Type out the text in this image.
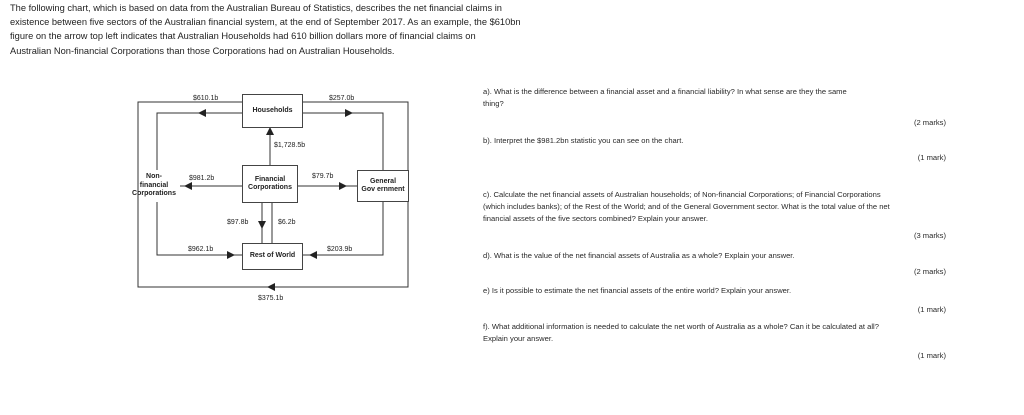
The following chart, which is based on data from the Australian Bureau of Statistics, describes the net financial claims in
existence between five sectors of the Australian financial system, at the end of September 2017. As an example, the $610bn
figure on the arrow top left indicates that Australian Households had 610 billion dollars more of financial claims on
Australian Non-financial Corporations than those Corporations had on Australian Households.
Households
Non-
financial
Corporations
Financial
Corporations
General
Gov ernment
Rest of World
$610.1b	$257.0b
$1,728.5b
$981.2b	$79.7b
$97.8b	$6.2b
$962.1b	$203.9b
$375.1b
a). What is the difference between a financial asset and a financial liability? In what sense are they the same
thing?
(2 marks)
b). Interpret the $981.2bn statistic you can see on the chart.
(1 mark)
c). Calculate the net financial assets of Australian households; of Non-financial Corporations; of Financial Corporations
(which includes banks); of the Rest of the World; and of the General Government sector. What is the total value of the net
financial assets of the five sectors combined? Explain your answer.
(3 marks)
d). What is the value of the net financial assets of Australia as a whole? Explain your answer.
(2 marks)
e) Is it possible to estimate the net financial assets of the entire world? Explain your answer.
(1 mark)
f). What additional information is needed to calculate the net worth of Australia as a whole? Can it be calculated at all?
Explain your answer.
(1 mark)
